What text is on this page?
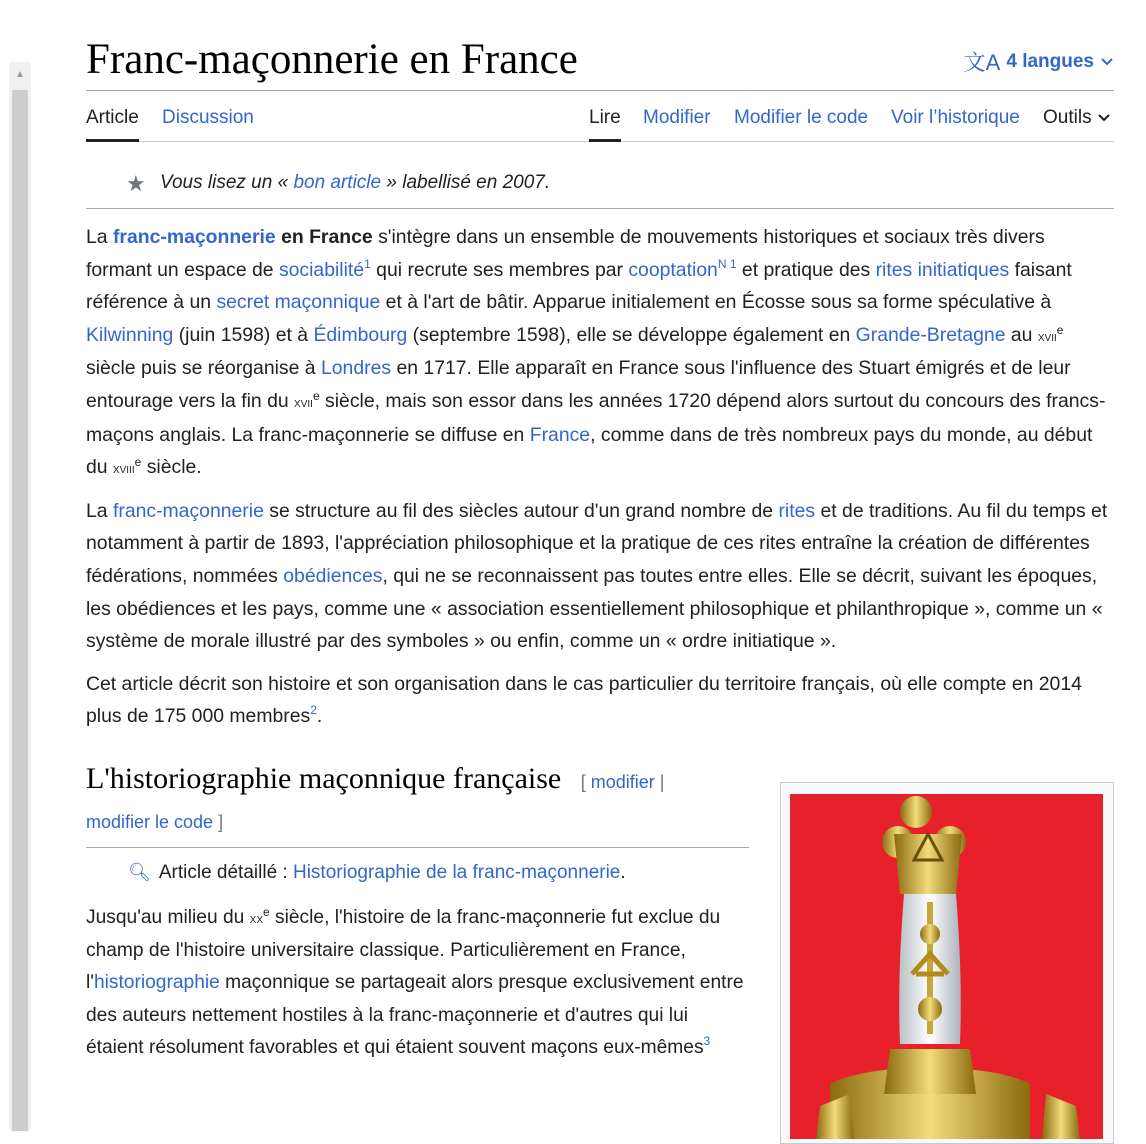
▲ Franc-maçonnerie en France	文A 4 langues
Article Discussion	Lire Modifier Modifier le code Voir l’historique Outils
★ Vous lisez un « bon article » labellisé en 2007.

La franc-maçonnerie en France s'intègre dans un ensemble de mouvements historiques et sociaux très divers formant un espace de sociabilité$^1$ qui recrute ses membres par cooptation$^{N 1}$ et pratique des rites initiatiques faisant référence à un secret maçonnique et à l'art de bâtir. Apparue initialement en Écosse sous sa forme spéculative à Kilwinning (juin 1598) et à Édimbourg (septembre 1598), elle se développe également en Grande-Bretagne au xvii$^e$ siècle puis se réorganise à Londres en 1717. Elle apparaît en France sous l'influence des Stuart émigrés et de leur entourage vers la fin du xvii$^e$ siècle, mais son essor dans les années 1720 dépend alors surtout du concours des francs-maçons anglais. La franc-maçonnerie se diffuse en France, comme dans de très nombreux pays du monde, au début du xviii$^e$ siècle.

La franc-maçonnerie se structure au fil des siècles autour d'un grand nombre de rites et de traditions. Au fil du temps et notamment à partir de 1893, l'appréciation philosophique et la pratique de ces rites entraîne la création de différentes fédérations, nommées obédiences, qui ne se reconnaissent pas toutes entre elles. Elle se décrit, suivant les époques, les obédiences et les pays, comme une « association essentiellement philosophique et philanthropique », comme un « système de morale illustré par des symboles » ou enfin, comme un « ordre initiatique ».

Cet article décrit son histoire et son organisation dans le cas particulier du territoire français, où elle compte en 2014 plus de 175 000 membres$^2$.

L'historiographie maçonnique française [ modifier |
modifier le code ]
🔍︎ Article détaillé : Historiographie de la franc-maçonnerie.

Jusqu'au milieu du $xx^e$ siècle, l'histoire de la franc-maçonnerie fut exclue du champ de l'histoire universitaire classique. Particulièrement en France, l'historiographie maçonnique se partageait alors presque exclusivement entre des auteurs nettement hostiles à la franc-maçonnerie et d'autres qui lui étaient résolument favorables et qui étaient souvent maçons eux-mêmes$^3$
